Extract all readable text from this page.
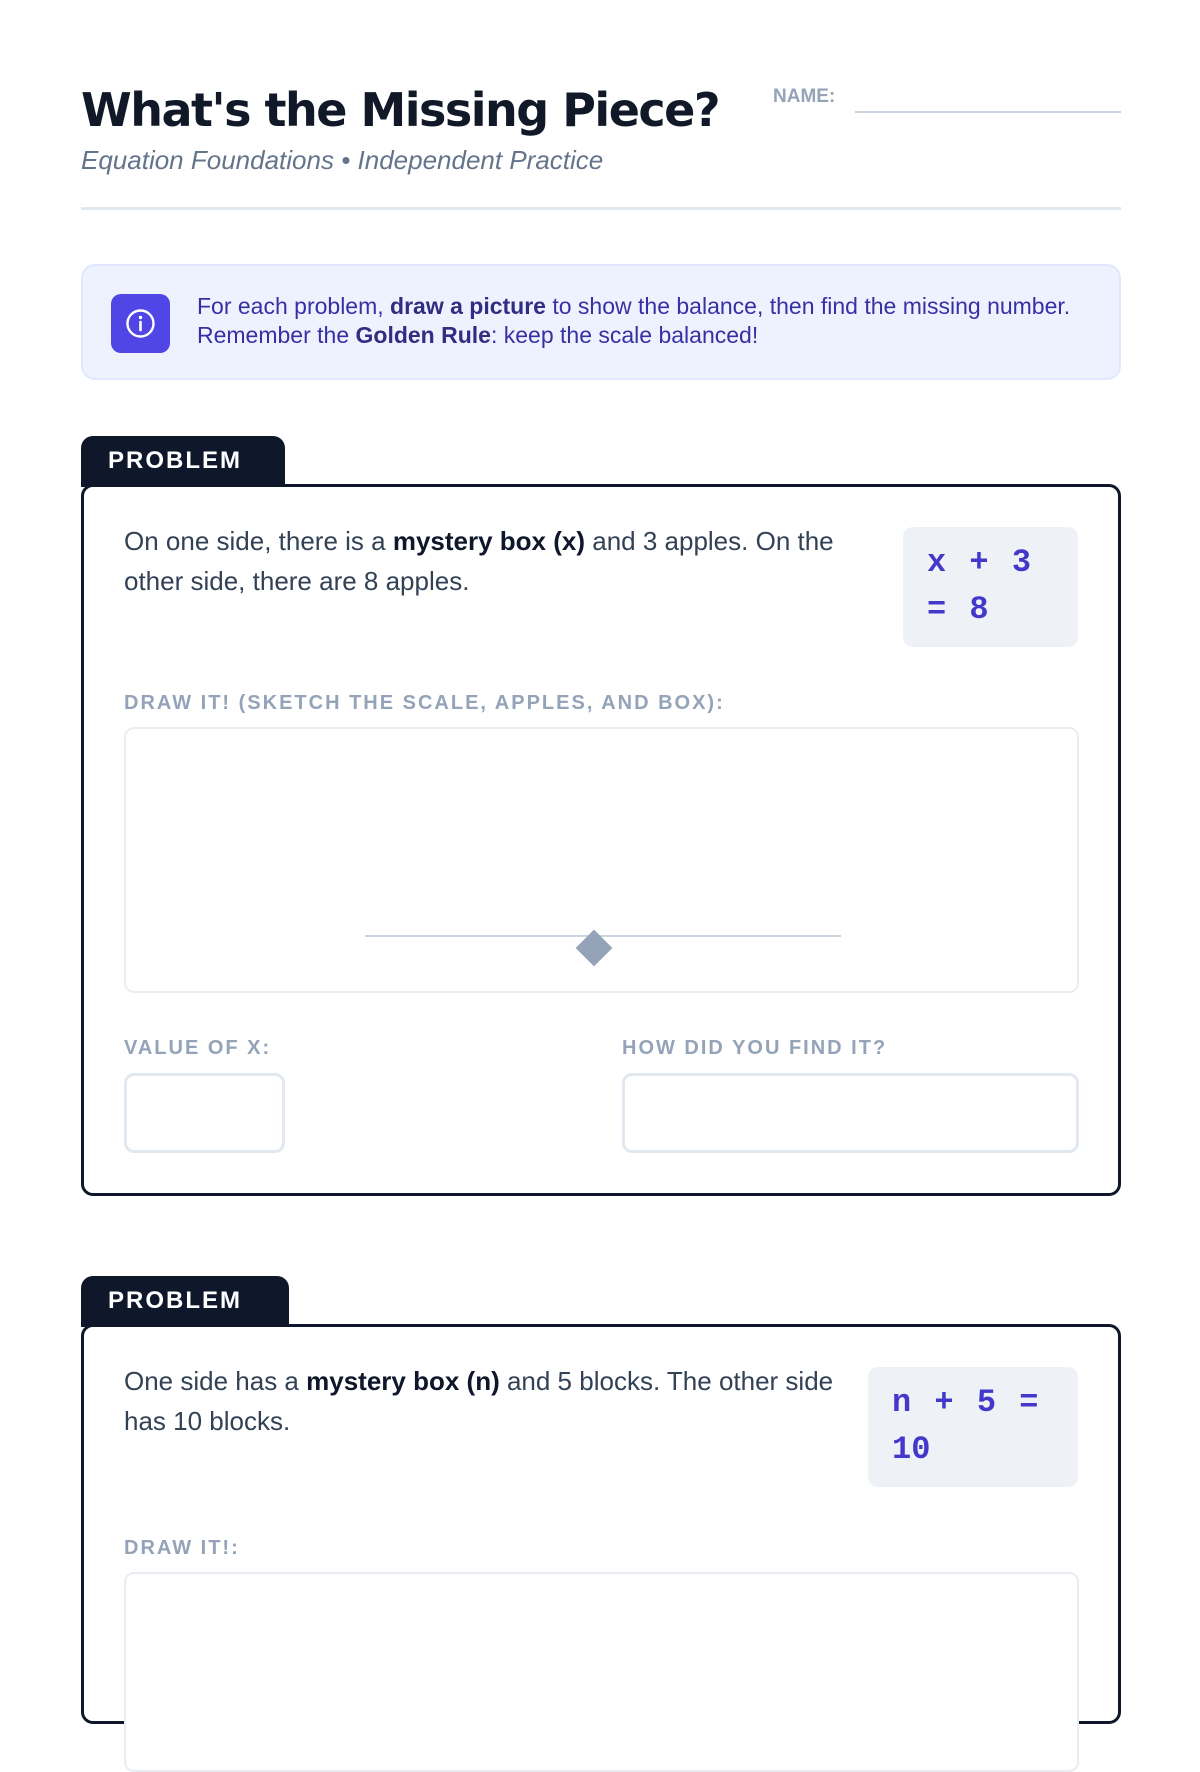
What's the Missing Piece?
Equation Foundations • Independent Practice
NAME:
For each problem, draw a picture to show the balance, then find the missing number. Remember the Golden Rule: keep the scale balanced!
PROBLEM
On one side, there is a mystery box (x) and 3 apples. On the other side, there are 8 apples.	x + 3 = 8
DRAW IT! (SKETCH THE SCALE, APPLES, AND BOX):
VALUE OF X:	HOW DID YOU FIND IT?
PROBLEM
One side has a mystery box (n) and 5 blocks. The other side has 10 blocks.	n + 5 = 10
DRAW IT!:
